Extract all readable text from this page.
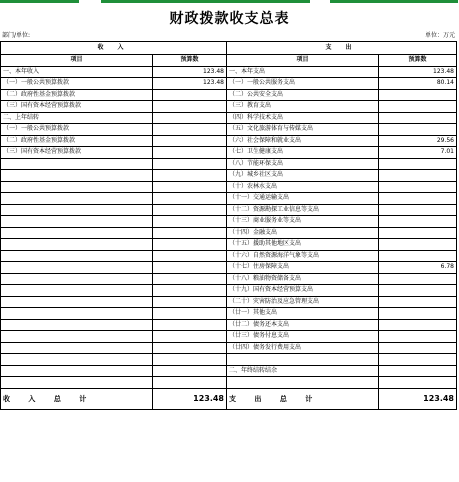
财政拨款收支总表
部门/单位:	单位：万元
收 入		支 出	
项目	预算数	项目	预算数
一、本年收入	123.48	一、本年支出	123.48
（一）一般公共预算拨款	123.48	（一）一般公共服务支出	80.14
（二）政府性基金预算拨款		（二）公共安全支出	
（三）国有资本经营预算拨款		（三）教育支出	
二、上年结转		（四）科学技术支出	
（一）一般公共预算拨款		（五）文化旅游体育与传媒支出	
（二）政府性基金预算拨款		（六）社会保障和就业支出	29.56
（三）国有资本经营预算拨款		（七）卫生健康支出	7.01
		（八）节能环保支出	
		（九）城乡社区支出	
		（十）农林水支出	
		（十一）交通运输支出	
		（十二）资源勘探工业信息等支出	
		（十三）商业服务业等支出	
		（十四）金融支出	
		（十五）援助其他地区支出	
		（十六）自然资源海洋气象等支出	
		（十七）住房保障支出	6.78
		（十八）粮油物资储备支出	
		（十九）国有资本经营预算支出	
		（二十）灾害防治及应急管理支出	
		（廿一）其他支出	
		（廿二）债务还本支出	
		（廿三）债务付息支出	
		（廿四）债务发行费用支出	

		二、年终结转结余	

收 入 总 计	123.48	支 出 总 计	123.48
